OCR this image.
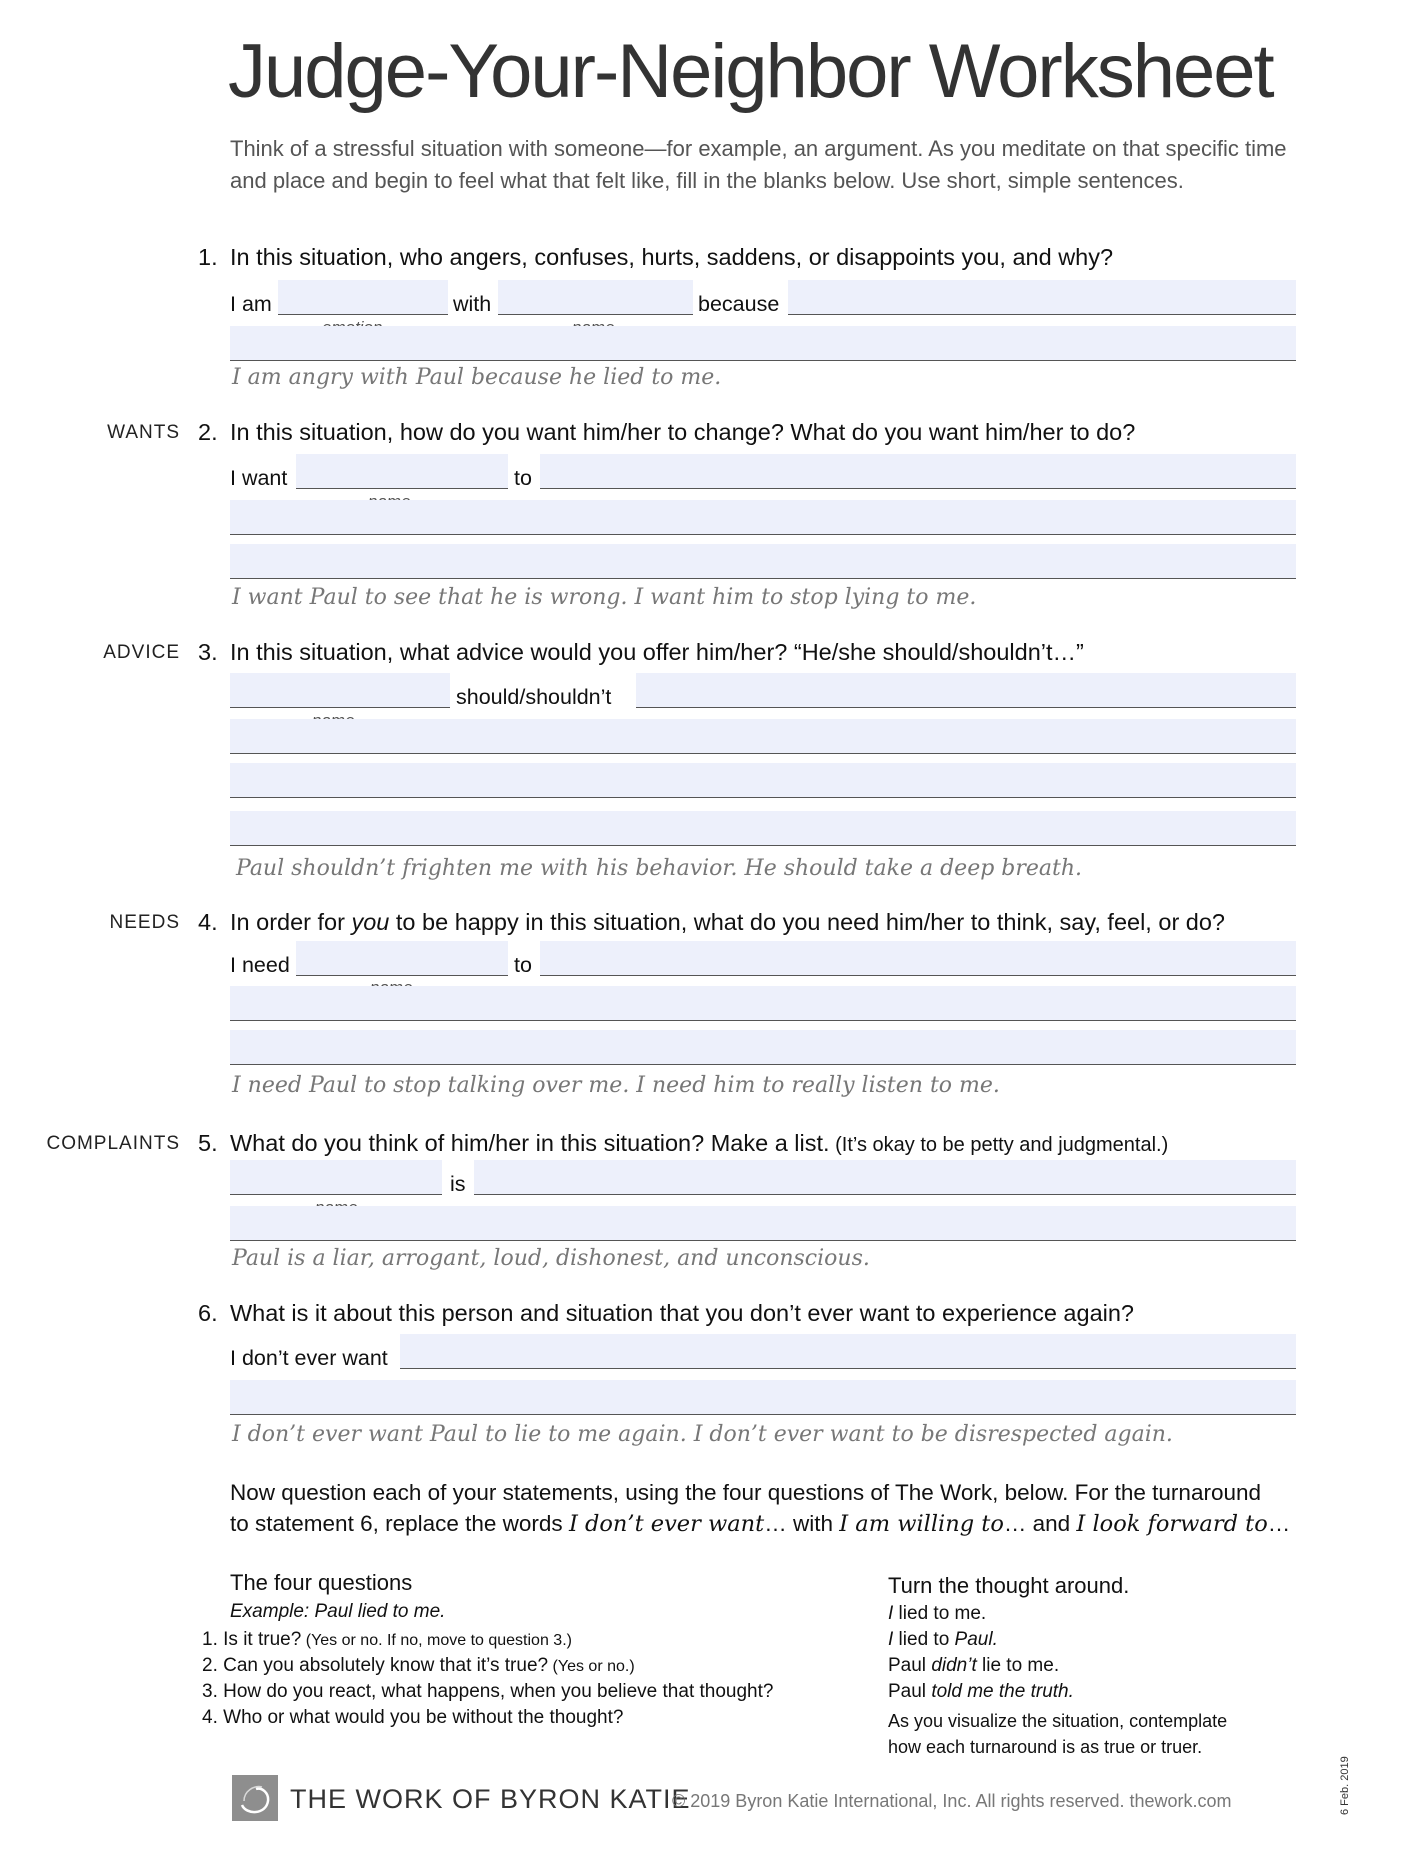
Judge-Your-Neighbor Worksheet
Think of a stressful situation with someone—for example, an argument. As you meditate on that specific time and place and begin to feel what that felt like, fill in the blanks below. Use short, simple sentences.
1. In this situation, who angers, confuses, hurts, saddens, or disappoints you, and why?
I am	with	because
I am angry with Paul because he lied to me.
WANTS 2. In this situation, how do you want him/her to change? What do you want him/her to do?
I want	to
I want Paul to see that he is wrong. I want him to stop lying to me.
ADVICE 3. In this situation, what advice would you offer him/her? “He/she should/shouldn’t…”
should/shouldn’t
Paul shouldn’t frighten me with his behavior. He should take a deep breath.
NEEDS 4. In order for you to be happy in this situation, what do you need him/her to think, say, feel, or do?
I need	to
I need Paul to stop talking over me. I need him to really listen to me.
COMPLAINTS 5. What do you think of him/her in this situation? Make a list. (It’s okay to be petty and judgmental.)
is
Paul is a liar, arrogant, loud, dishonest, and unconscious.
6. What is it about this person and situation that you don’t ever want to experience again?
I don’t ever want
I don’t ever want Paul to lie to me again. I don’t ever want to be disrespected again.
Now question each of your statements, using the four questions of The Work, below. For the turnaround
to statement 6, replace the words I don’t ever want… with I am willing to… and I look forward to…
The four questions
Example: Paul lied to me.
1. Is it true? (Yes or no. If no, move to question 3.)
2. Can you absolutely know that it’s true? (Yes or no.)
3. How do you react, what happens, when you believe that thought?
4. Who or what would you be without the thought?
Turn the thought around.
I lied to me.
I lied to Paul.
Paul didn’t lie to me.
Paul told me the truth.
As you visualize the situation, contemplate
how each turnaround is as true or truer.
THE WORK OF BYRON KATIE
© 2019 Byron Katie International, Inc. All rights reserved. thework.com	6 Feb. 2019
